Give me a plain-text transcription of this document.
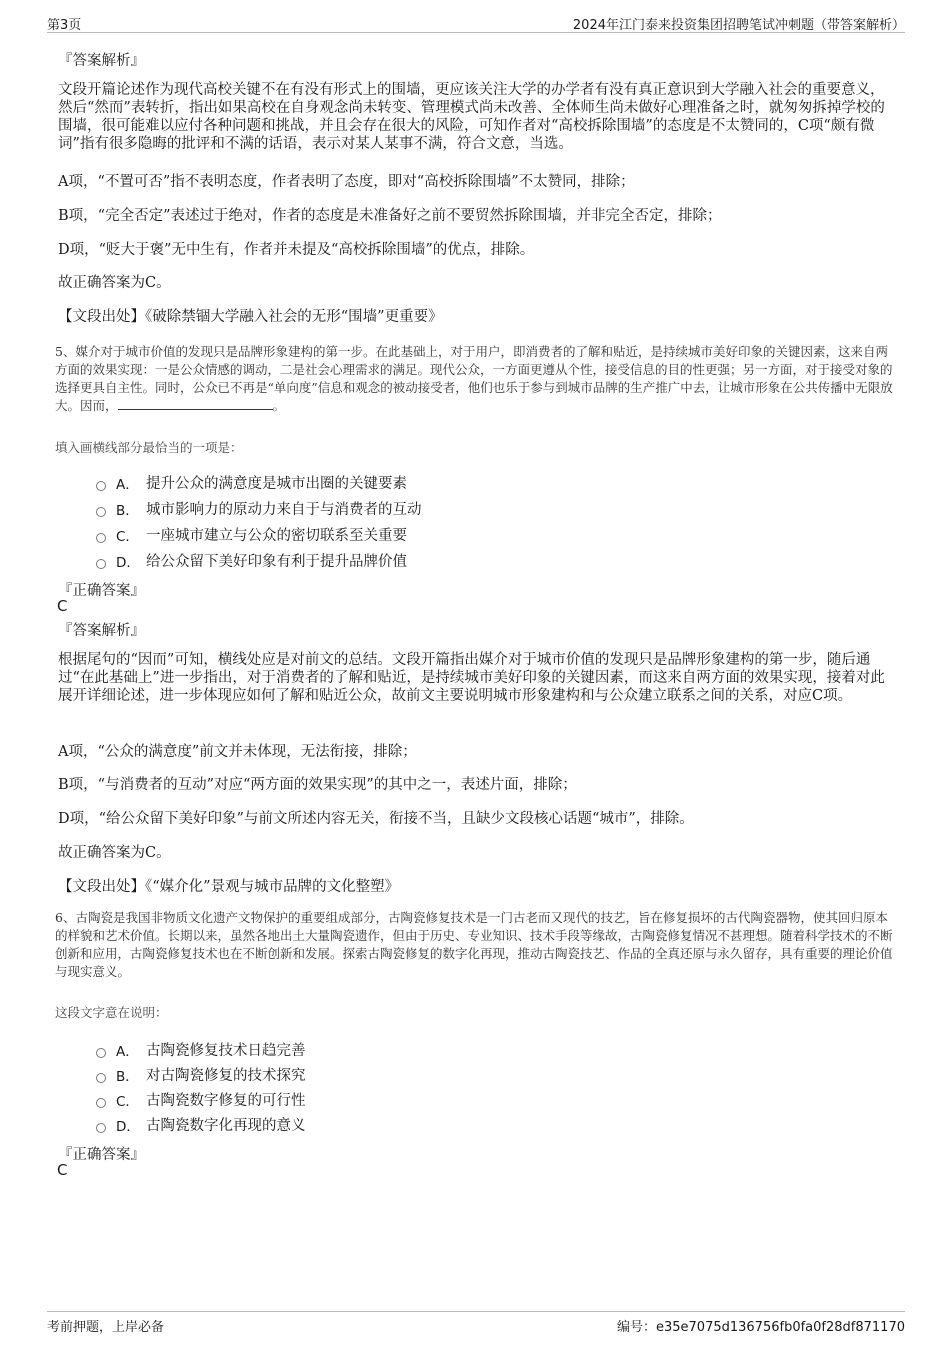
第3页	2024年江门泰来投资集团招聘笔试冲刺题（带答案解析）
『答案解析』
文段开篇论述作为现代高校关键不在有没有形式上的围墙，更应该关注大学的办学者有没有真正意识到大学融入社会的重要意义，然后“然而”表转折，指出如果高校在自身观念尚未转变、管理模式尚未改善、全体师生尚未做好心理准备之时，就匆匆拆掉学校的围墙，很可能难以应付各种问题和挑战，并且会存在很大的风险，可知作者对“高校拆除围墙”的态度是不太赞同的，C项“颇有微词”指有很多隐晦的批评和不满的话语，表示对某人某事不满，符合文意，当选。
A项，“不置可否”指不表明态度，作者表明了态度，即对“高校拆除围墙”不太赞同，排除；
B项，“完全否定”表述过于绝对，作者的态度是未准备好之前不要贸然拆除围墙，并非完全否定，排除；
D项，“贬大于褒”无中生有，作者并未提及“高校拆除围墙”的优点，排除。
故正确答案为C。
【文段出处】《破除禁锢大学融入社会的无形“围墙”更重要》
5、媒介对于城市价值的发现只是品牌形象建构的第一步。在此基础上，对于用户，即消费者的了解和贴近，是持续城市美好印象的关键因素，这来自两方面的效果实现：一是公众情感的调动，二是社会心理需求的满足。现代公众，一方面更遵从个性，接受信息的目的性更强；另一方面，对于接受对象的选择更具自主性。同时，公众已不再是“单向度”信息和观念的被动接受者，他们也乐于参与到城市品牌的生产推广中去，让城市形象在公共传播中无限放大。因而，	。
填入画横线部分最恰当的一项是：
A． 提升公众的满意度是城市出圈的关键要素
B． 城市影响力的原动力来自于与消费者的互动
C． 一座城市建立与公众的密切联系至关重要
D． 给公众留下美好印象有利于提升品牌价值
『正确答案』
C
『答案解析』
根据尾句的“因而”可知，横线处应是对前文的总结。文段开篇指出媒介对于城市价值的发现只是品牌形象建构的第一步，随后通过“在此基础上”进一步指出，对于消费者的了解和贴近，是持续城市美好印象的关键因素，而这来自两方面的效果实现，接着对此展开详细论述，进一步体现应如何了解和贴近公众，故前文主要说明城市形象建构和与公众建立联系之间的关系，对应C项。
A项，“公众的满意度”前文并未体现，无法衔接，排除；
B项，“与消费者的互动”对应“两方面的效果实现”的其中之一，表述片面，排除；
D项，“给公众留下美好印象”与前文所述内容无关，衔接不当，且缺少文段核心话题“城市”，排除。
故正确答案为C。
【文段出处】《“媒介化”景观与城市品牌的文化整塑》
6、古陶瓷是我国非物质文化遗产文物保护的重要组成部分，古陶瓷修复技术是一门古老而又现代的技艺，旨在修复损坏的古代陶瓷器物，使其回归原本的样貌和艺术价值。长期以来，虽然各地出土大量陶瓷遗作，但由于历史、专业知识、技术手段等缘故，古陶瓷修复情况不甚理想。随着科学技术的不断创新和应用，古陶瓷修复技术也在不断创新和发展。探索古陶瓷修复的数字化再现，推动古陶瓷技艺、作品的全真还原与永久留存，具有重要的理论价值与现实意义。
这段文字意在说明：
A． 古陶瓷修复技术日趋完善
B． 对古陶瓷修复的技术探究
C． 古陶瓷数字修复的可行性
D． 古陶瓷数字化再现的意义
『正确答案』
C
考前押题，上岸必备	编号：e35e7075d136756fb0fa0f28df871170
